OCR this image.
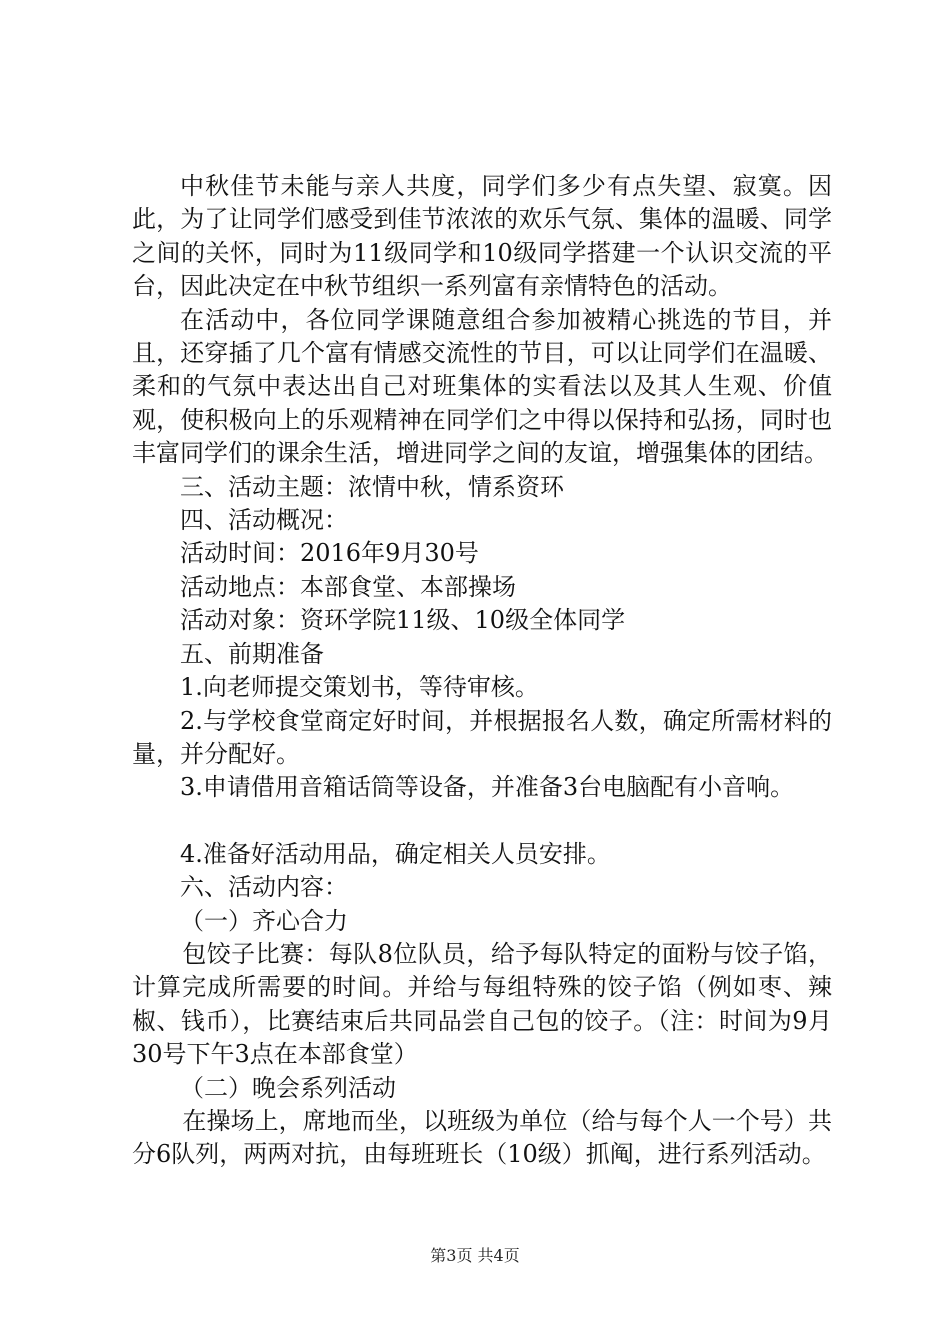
中秋佳节未能与亲人共度，同学们多少有点失望、寂寞。因此，为了让同学们感受到佳节浓浓的欢乐气氛、集体的温暖、同学之间的关怀，同时为11级同学和10级同学搭建一个认识交流的平台，因此决定在中秋节组织一系列富有亲情特色的活动。

在活动中，各位同学课随意组合参加被精心挑选的节目，并且，还穿插了几个富有情感交流性的节目，可以让同学们在温暖、柔和的气氛中表达出自己对班集体的实看法以及其人生观、价值观，使积极向上的乐观精神在同学们之中得以保持和弘扬，同时也丰富同学们的课余生活，增进同学之间的友谊，增强集体的团结。

三、活动主题：浓情中秋，情系资环

四、活动概况：

活动时间：2016年9月30号

活动地点：本部食堂、本部操场

活动对象：资环学院11级、10级全体同学

五、前期准备

1.向老师提交策划书，等待审核。

2.与学校食堂商定好时间，并根据报名人数，确定所需材料的量，并分配好。

3.申请借用音箱话筒等设备，并准备3台电脑配有小音响。

4.准备好活动用品，确定相关人员安排。

六、活动内容：

（一）齐心合力

包饺子比赛：每队8位队员，给予每队特定的面粉与饺子馅，计算完成所需要的时间。并给与每组特殊的饺子馅（例如枣、辣椒、钱币），比赛结束后共同品尝自己包的饺子。（注：时间为9月30号下午3点在本部食堂）

（二）晚会系列活动

在操场上，席地而坐，以班级为单位（给与每个人一个号）共分6队列，两两对抗，由每班班长（10级）抓阄，进行系列活动。

第3页 共4页
